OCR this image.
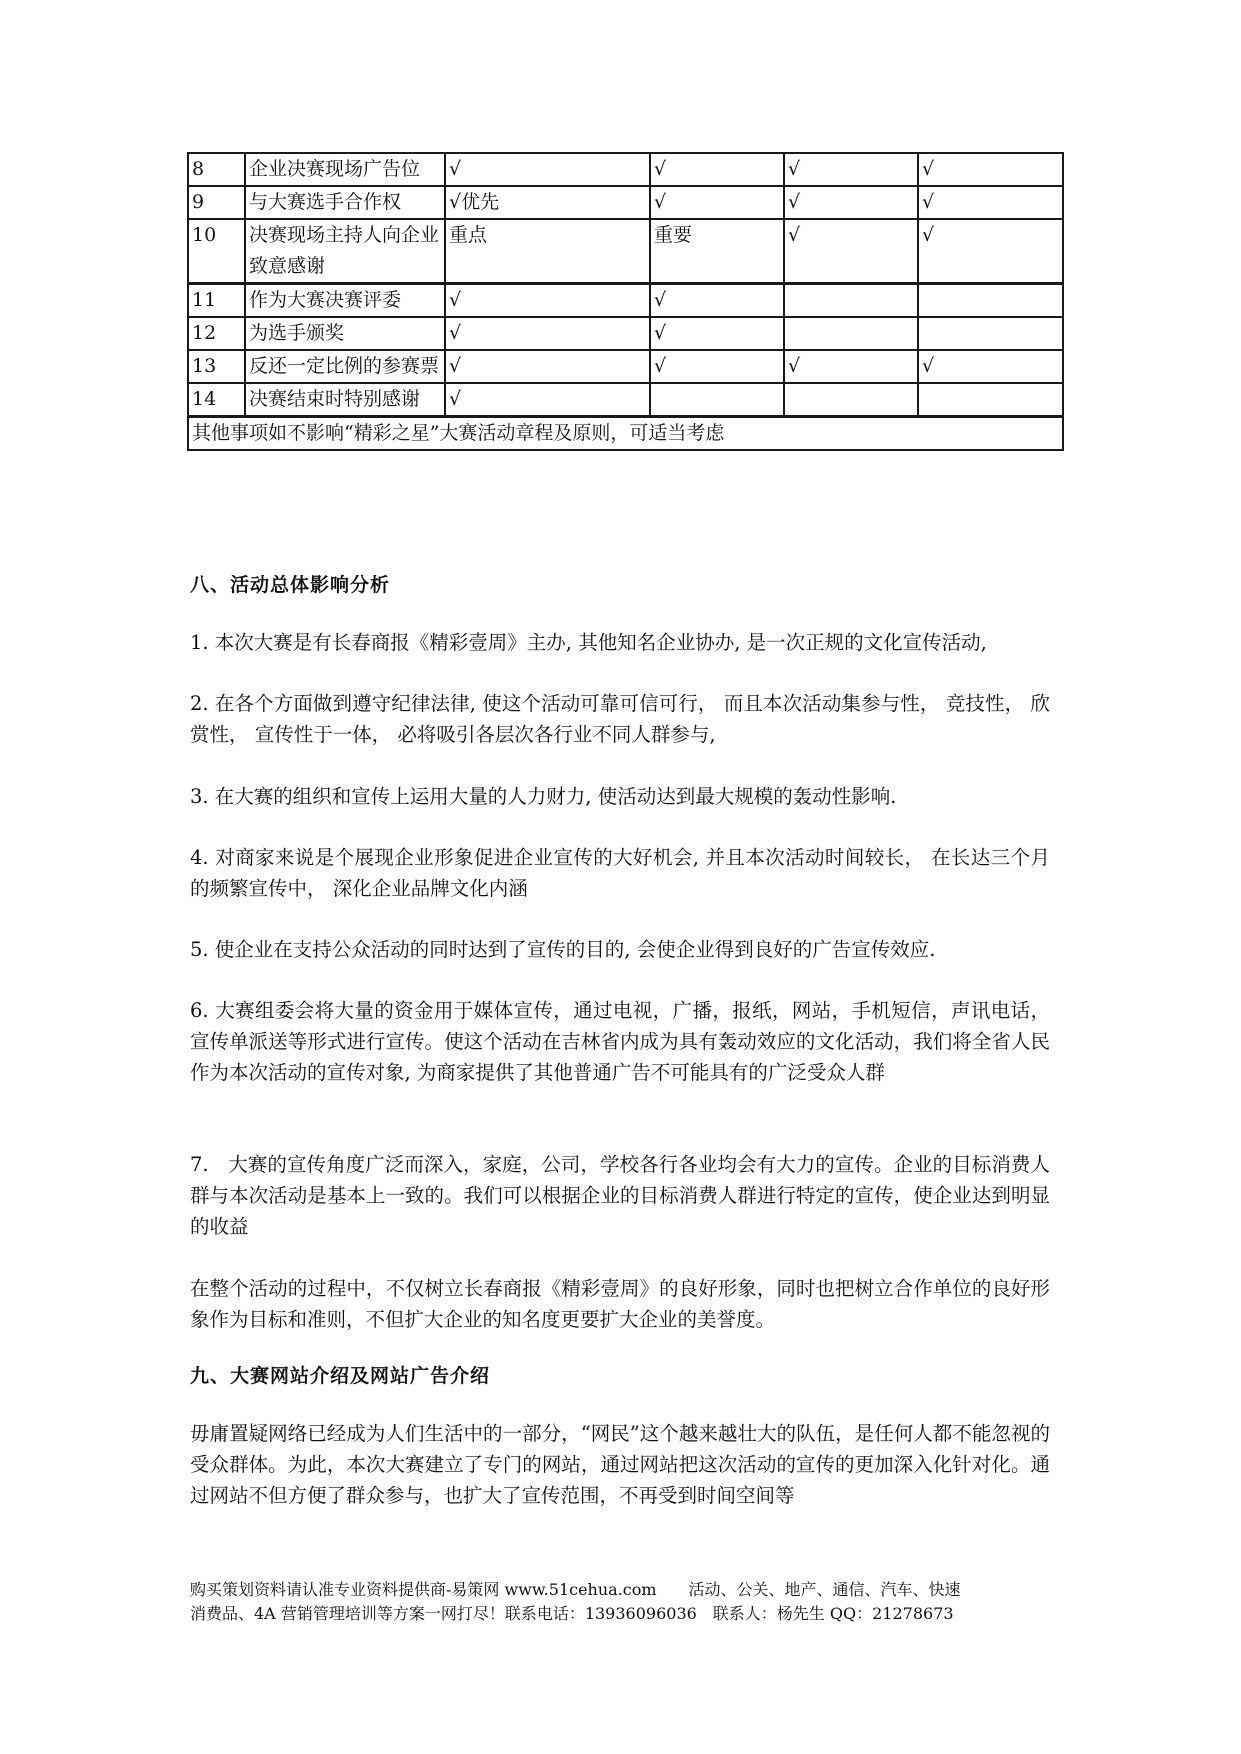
8	企业决赛现场广告位	√	√	√	√
9	与大赛选手合作权	√优先	√	√	√
10	决赛现场主持人向企业致意感谢	重点	重要	√	√
11	作为大赛决赛评委	√	√		
12	为选手颁奖	√	√		
13	反还一定比例的参赛票	√	√	√	√
14	决赛结束时特别感谢	√			
其他事项如不影响“精彩之星”大赛活动章程及原则，可适当考虑					
八、活动总体影响分析

1. 本次大赛是有长春商报《精彩壹周》主办, 其他知名企业协办, 是一次正规的文化宣传活动,

2. 在各个方面做到遵守纪律法律, 使这个活动可靠可信可行， 而且本次活动集参与性， 竞技性， 欣赏性， 宣传性于一体， 必将吸引各层次各行业不同人群参与,

3. 在大赛的组织和宣传上运用大量的人力财力, 使活动达到最大规模的轰动性影响.

4. 对商家来说是个展现企业形象促进企业宣传的大好机会, 并且本次活动时间较长， 在长达三个月的频繁宣传中， 深化企业品牌文化内涵

5. 使企业在支持公众活动的同时达到了宣传的目的, 会使企业得到良好的广告宣传效应.

6. 大赛组委会将大量的资金用于媒体宣传，通过电视，广播，报纸，网站，手机短信，声讯电话，宣传单派送等形式进行宣传。使这个活动在吉林省内成为具有轰动效应的文化活动，我们将全省人民作为本次活动的宣传对象, 为商家提供了其他普通广告不可能具有的广泛受众人群

7.　大赛的宣传角度广泛而深入，家庭，公司，学校各行各业均会有大力的宣传。企业的目标消费人群与本次活动是基本上一致的。我们可以根据企业的目标消费人群进行特定的宣传，使企业达到明显的收益

在整个活动的过程中，不仅树立长春商报《精彩壹周》的良好形象，同时也把树立合作单位的良好形象作为目标和准则，不但扩大企业的知名度更要扩大企业的美誉度。

九、大赛网站介绍及网站广告介绍

毋庸置疑网络已经成为人们生活中的一部分，“网民”这个越来越壮大的队伍，是任何人都不能忽视的受众群体。为此，本次大赛建立了专门的网站，通过网站把这次活动的宣传的更加深入化针对化。通过网站不但方便了群众参与，也扩大了宣传范围，不再受到时间空间等

购买策划资料请认准专业资料提供商-易策网 www.51cehua.com　　活动、公关、地产、通信、汽车、快速
消费品、4A 营销管理培训等方案一网打尽！联系电话：13936096036　联系人：杨先生 QQ：21278673
